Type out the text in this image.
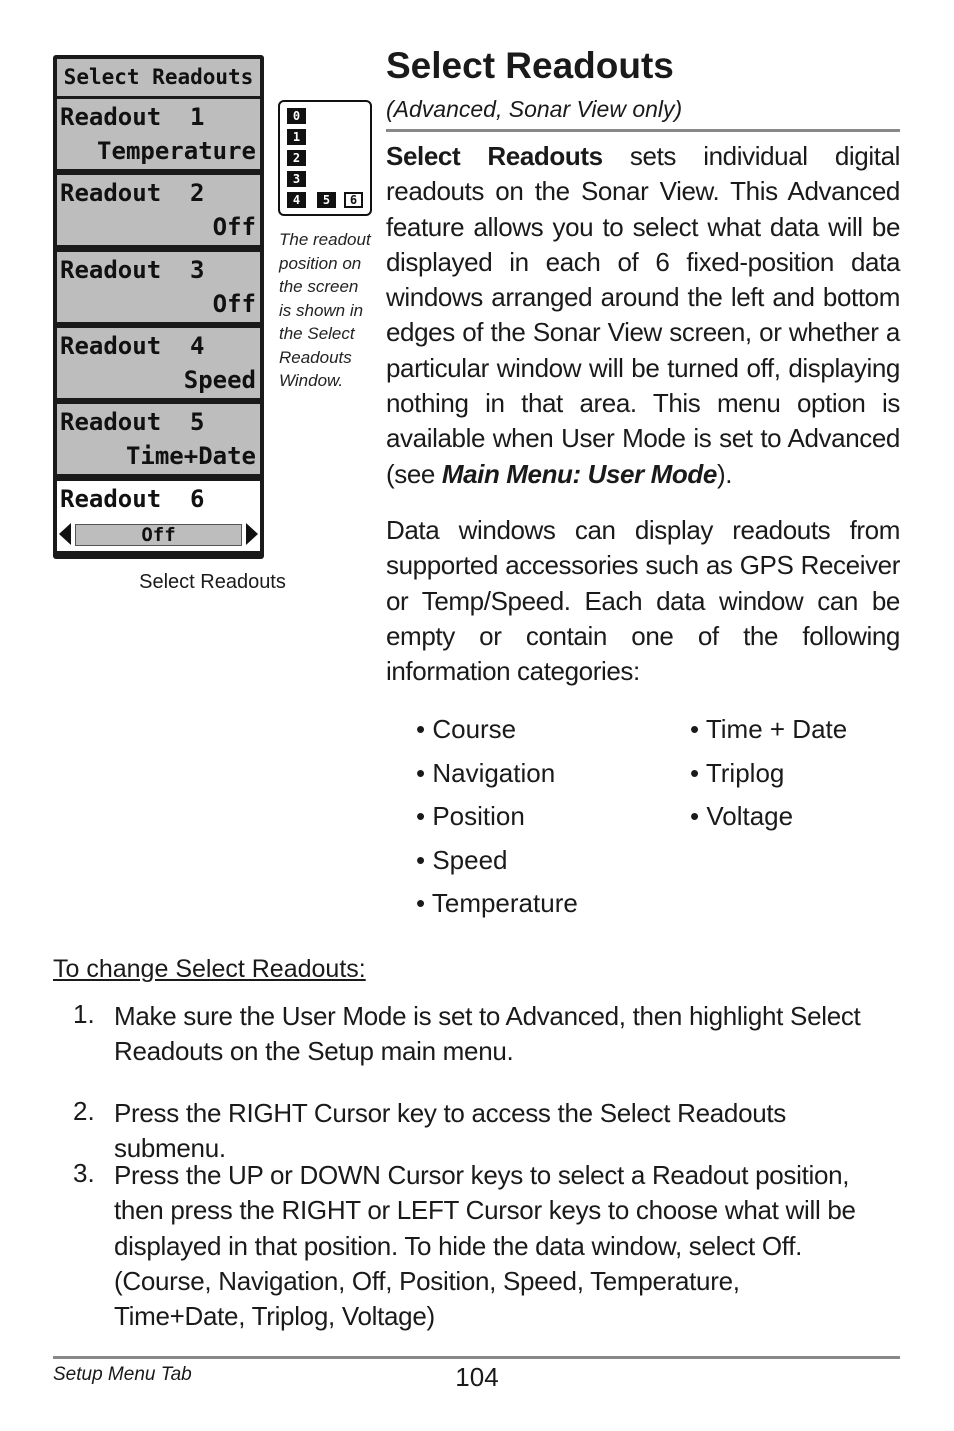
Select Readouts
Readout  1
Temperature
Readout  2
Off
Readout  3
Off
Readout  4
Speed
Readout  5
Time+Date
Readout  6
Off
Select Readouts
0
1
2
3
4	5	6
The readout position on the screen is shown in the Select Readouts Window.
Select Readouts
(Advanced, Sonar View only)
Select Readouts sets individual digital readouts on the Sonar View. This Advanced feature allows you to select what data will be displayed in each of 6 fixed-position data windows arranged around the left and bottom edges of the Sonar View screen, or whether a particular window will be turned off, displaying nothing in that area. This menu option is available when User Mode is set to Advanced (see Main Menu: User Mode).
Data windows can display readouts from supported accessories such as GPS Receiver or Temp/Speed. Each data window can be empty or contain one of the following information categories:
• Course
• Navigation
• Position
• Speed
• Temperature
• Time + Date
• Triplog
• Voltage
To change Select Readouts:
1. Make sure the User Mode is set to Advanced, then highlight Select Readouts on the Setup main menu.
2. Press the RIGHT Cursor key to access the Select Readouts submenu.
3. Press the UP or DOWN Cursor keys to select a Readout position, then press the RIGHT or LEFT Cursor keys to choose what will be displayed in that position. To hide the data window, select Off. (Course, Navigation, Off, Position, Speed, Temperature, Time+Date, Triplog, Voltage)
Setup Menu Tab	104
